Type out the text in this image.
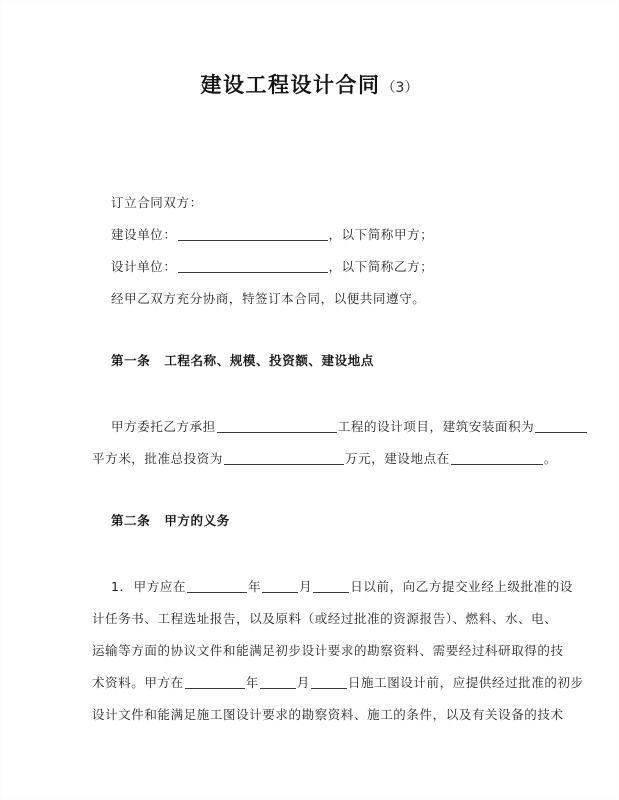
建设工程设计合同（3）
订立合同双方：
建设单位：	，以下简称甲方；
设计单位：	，以下简称乙方；
经甲乙双方充分协商，特签订本合同，以便共同遵守。
第一条 工程名称、规模、投资额、建设地点
甲方委托乙方承担	工程的设计项目，建筑安装面积为
平方米，批准总投资为	万元，建设地点在	。
第二条 甲方的义务
1．甲方应在	年	月	日以前，向乙方提交业经上级批准的设
计任务书、工程选址报告，以及原料（或经过批准的资源报告）、燃料、水、电、
运输等方面的协议文件和能满足初步设计要求的勘察资料、需要经过科研取得的技
术资料。甲方在	年	月	日施工图设计前，应提供经过批准的初步
设计文件和能满足施工图设计要求的勘察资料、施工的条件，以及有关设备的技术
